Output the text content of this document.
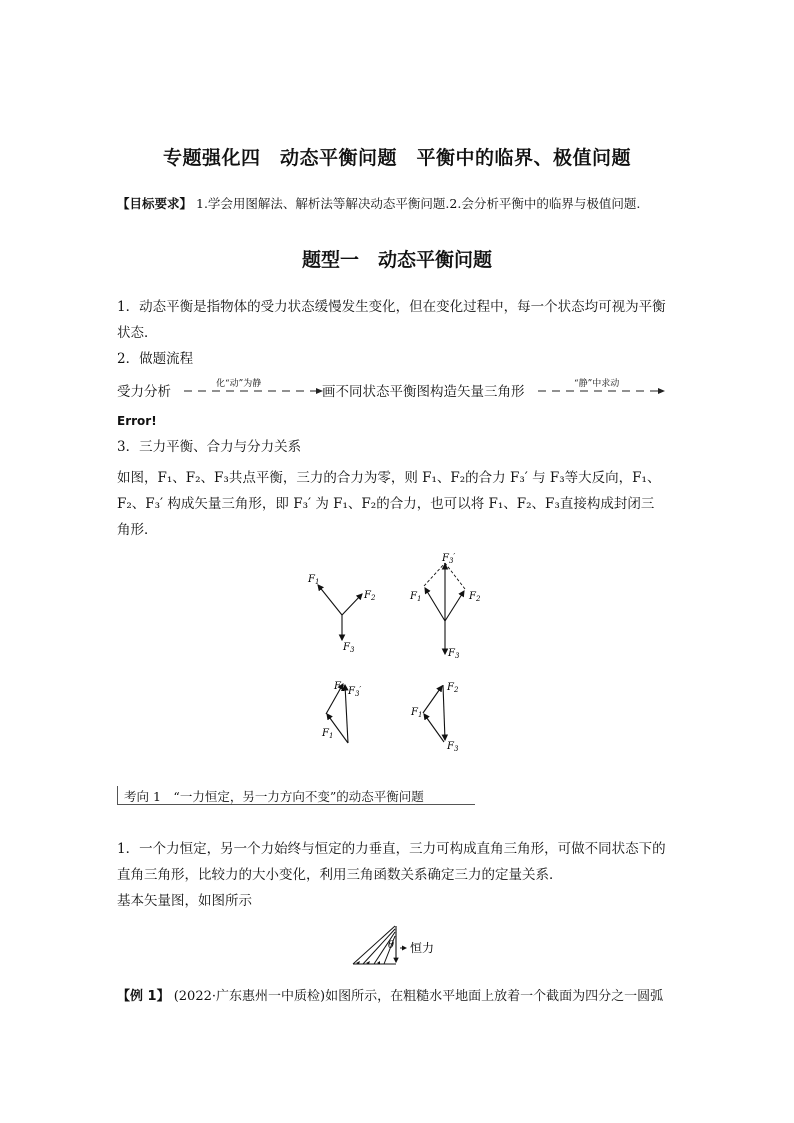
专题强化四　动态平衡问题　平衡中的临界、极值问题
【目标要求】 1.学会用图解法、解析法等解决动态平衡问题.2.会分析平衡中的临界与极值问题.
题型一　动态平衡问题
1．动态平衡是指物体的受力状态缓慢发生变化，但在变化过程中，每一个状态均可视为平衡
状态．
2．做题流程
受力分析	化“动”为静	画不同状态平衡图构造矢量三角形	“静”中求动
Error!
3．三力平衡、合力与分力关系
如图，F₁、F₂、F₃共点平衡，三力的合力为零，则 F₁、F₂的合力 F₃′ 与 F₃等大反向，F₁、
F₂、F₃′ 构成矢量三角形，即 F₃′ 为 F₁、F₂的合力，也可以将 F₁、F₂、F₃直接构成封闭三
角形．
$F_1$
$F_2$
$F_3$
$F_3'$
$F_1$	$F_2$
$F_3$
$F_2$ $F_3'$
$F_1$
$F_2$
$F_1$
$F_3$
考向 1　“一力恒定，另一力方向不变”的动态平衡问题
1．一个力恒定，另一个力始终与恒定的力垂直，三力可构成直角三角形，可做不同状态下的
直角三角形，比较力的大小变化，利用三角函数关系确定三力的定量关系．
基本矢量图，如图所示
θ 恒力
【例 1】 (2022·广东惠州一中质检)如图所示，在粗糙水平地面上放着一个截面为四分之一圆弧
